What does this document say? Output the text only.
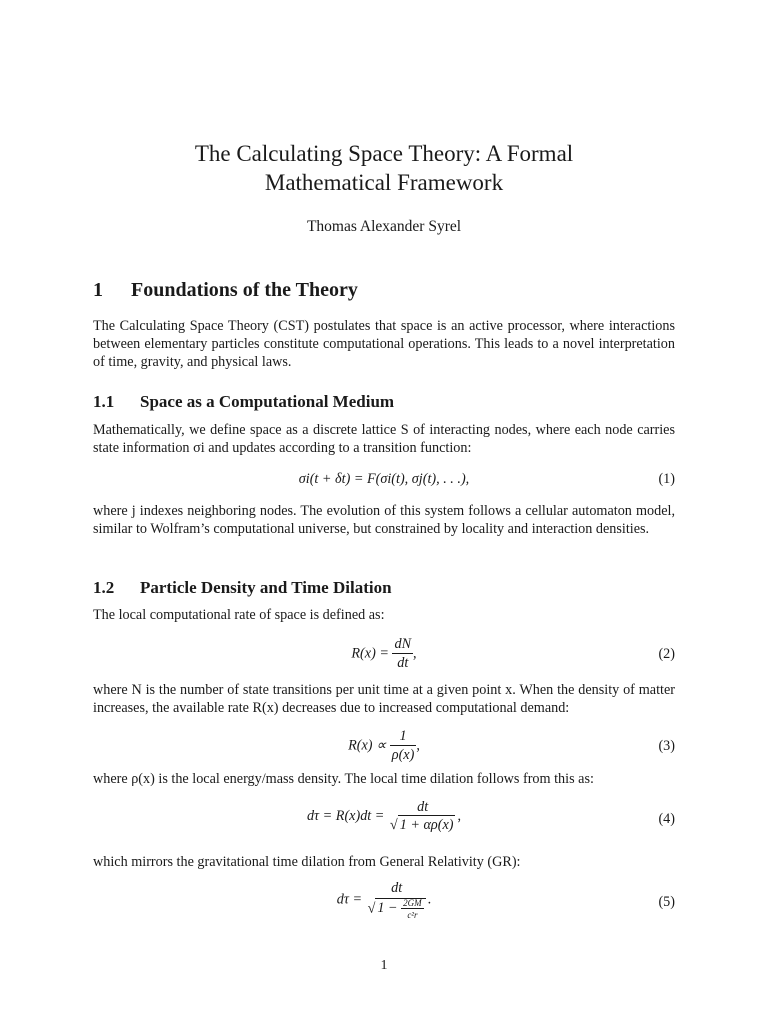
The Calculating Space Theory: A Formal
Mathematical Framework
Thomas Alexander Syrel
1 Foundations of the Theory
The Calculating Space Theory (CST) postulates that space is an active processor, where interactions between elementary particles constitute computational operations. This leads to a novel interpretation of time, gravity, and physical laws.
1.1 Space as a Computational Medium
Mathematically, we define space as a discrete lattice S of interacting nodes, where each node carries state information σi and updates according to a transition function:
σi(t + δt) = F(σi(t), σj(t), . . .),	(1)
where j indexes neighboring nodes. The evolution of this system follows a cellular automaton model, similar to Wolfram’s computational universe, but constrained by locality and interaction densities.
1.2 Particle Density and Time Dilation
The local computational rate of space is defined as:
$R(x) = \frac{dN}{dt}$ ,	(2)
where N is the number of state transitions per unit time at a given point x. When the density of matter increases, the available rate R(x) decreases due to increased computational demand:
$R(x) \propto \frac{1}{\rho(x)}$ ,	(3)
where ρ(x) is the local energy/mass density. The local time dilation follows from this as:
dτ = R(x)dt =
dt
√ 1 + αρ(x)
,	(4)
which mirrors the gravitational time dilation from General Relativity (GR):
dτ =
dt
√ $1 - \frac{2GM}{\text{c²r}}$ .	(5)
1
